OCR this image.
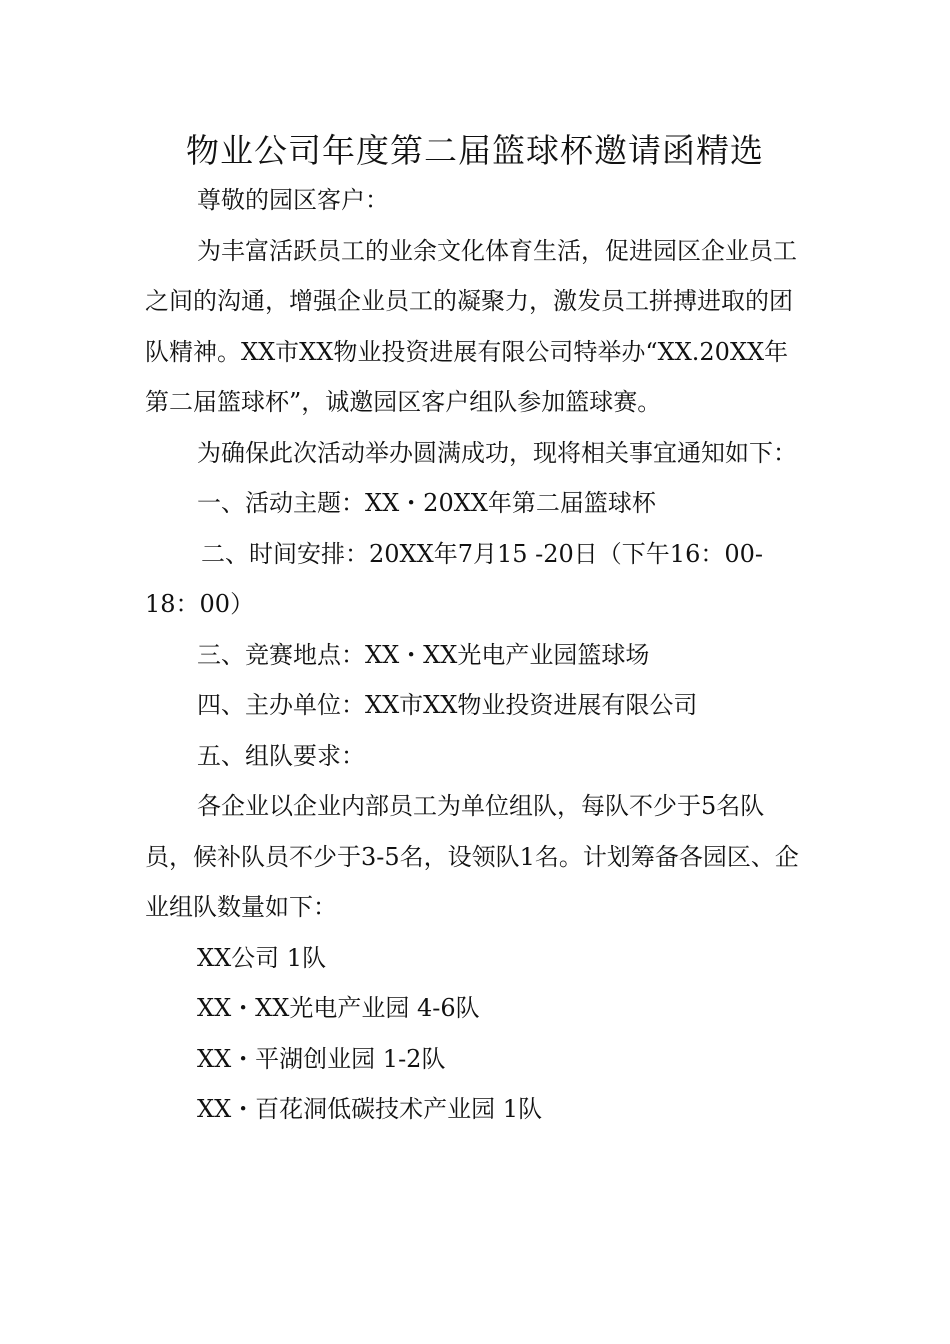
物业公司年度第二届篮球杯邀请函精选

尊敬的园区客户：

为丰富活跃员工的业余文化体育生活，促进园区企业员工之间的沟通，增强企业员工的凝聚力，激发员工拼搏进取的团队精神。XX市XX物业投资进展有限公司特举办“XX.20XX年第二届篮球杯”，诚邀园区客户组队参加篮球赛。

为确保此次活动举办圆满成功，现将相关事宜通知如下：

一、活动主题：XX・20XX年第二届篮球杯

二、时间安排：20XX年7月15 -20日（下午16：00-18：00）

三、竞赛地点：XX・XX光电产业园篮球场

四、主办单位：XX市XX物业投资进展有限公司

五、组队要求：

各企业以企业内部员工为单位组队，每队不少于5名队员，候补队员不少于3-5名，设领队1名。计划筹备各园区、企业组队数量如下：

XX公司 1队

XX・XX光电产业园 4-6队

XX・平湖创业园 1-2队

XX・百花洞低碳技术产业园 1队
